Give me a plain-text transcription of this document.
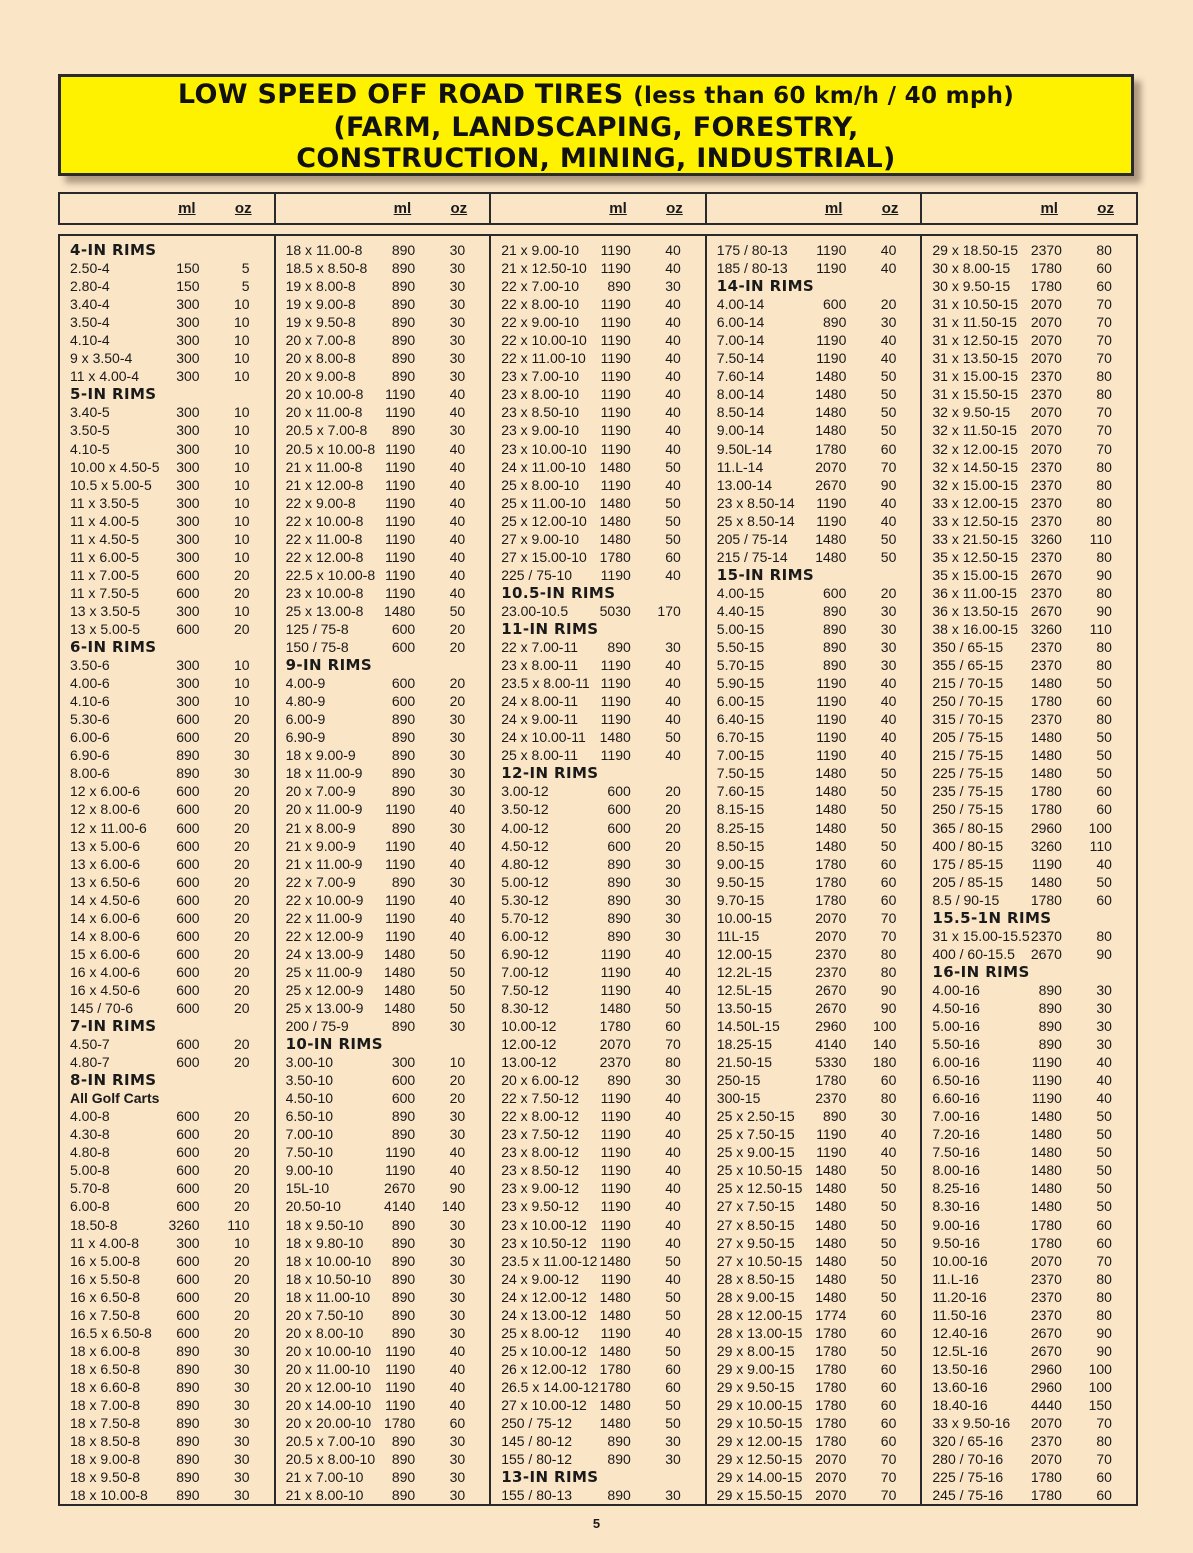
LOW SPEED OFF ROAD TIRES (less than 60 km/h / 40 mph)
(FARM, LANDSCAPING, FORESTRY,
CONSTRUCTION, MINING, INDUSTRIAL)
ml	oz	ml	oz	ml	oz	ml	oz	ml	oz
4-IN RIMS
2.50-4	150	5
2.80-4	150	5
3.40-4	300 10
3.50-4	300 10
4.10-4	300 10
9 x 3.50-4	300 10
11 x 4.00-4	300 10
5-IN RIMS
3.40-5	300 10
3.50-5	300 10
4.10-5	300 10
10.00 x 4.50-5 300 10
10.5 x 5.00-5 300 10
11 x 3.50-5	300 10
11 x 4.00-5	300 10
11 x 4.50-5	300 10
11 x 6.00-5	300 10
11 x 7.00-5	600 20
11 x 7.50-5	600 20
13 x 3.50-5	300 10
13 x 5.00-5	600 20
6-IN RIMS
3.50-6	300 10
4.00-6	300 10
4.10-6	300 10
5.30-6	600 20
6.00-6	600 20
6.90-6	890 30
8.00-6	890 30
12 x 6.00-6	600 20
12 x 8.00-6	600 20
12 x 11.00-6 600 20
13 x 5.00-6	600 20
13 x 6.00-6	600 20
13 x 6.50-6	600 20
14 x 4.50-6	600 20
14 x 6.00-6	600 20
14 x 8.00-6	600 20
15 x 6.00-6	600 20
16 x 4.00-6	600 20
16 x 4.50-6	600 20
145 / 70-6	600 20
7-IN RIMS
4.50-7	600 20
4.80-7	600 20
8-IN RIMS
All Golf Carts
4.00-8	600 20
4.30-8	600 20
4.80-8	600 20
5.00-8	600 20
5.70-8	600 20
6.00-8	600 20
18.50-8	3260 110
11 x 4.00-8	300 10
16 x 5.00-8	600 20
16 x 5.50-8	600 20
16 x 6.50-8	600 20
16 x 7.50-8	600 20
16.5 x 6.50-8 600 20
18 x 6.00-8	890 30
18 x 6.50-8	890 30
18 x 6.60-8	890 30
18 x 7.00-8	890 30
18 x 7.50-8	890 30
18 x 8.50-8	890 30
18 x 9.00-8	890 30
18 x 9.50-8	890 30
18 x 10.00-8 890 30
18 x 11.00-8 890 30
18.5 x 8.50-8 890 30
19 x 8.00-8	890 30
19 x 9.00-8	890 30
19 x 9.50-8	890 30
20 x 7.00-8	890 30
20 x 8.00-8	890 30
20 x 9.00-8	890 30
20 x 10.00-8 1190 40
20 x 11.00-8 1190 40
20.5 x 7.00-8 890 30
20.5 x 10.00-8 1190 40
21 x 11.00-8 1190 40
21 x 12.00-8 1190 40
22 x 9.00-8 1190 40
22 x 10.00-8 1190 40
22 x 11.00-8 1190 40
22 x 12.00-8 1190 40
22.5 x 10.00-8 1190 40
23 x 10.00-8 1190 40
25 x 13.00-8 1480 50
125 / 75-8	600 20
150 / 75-8	600 20
9-IN RIMS
4.00-9	600 20
4.80-9	600 20
6.00-9	890 30
6.90-9	890 30
18 x 9.00-9	890 30
18 x 11.00-9 890 30
20 x 7.00-9	890 30
20 x 11.00-9 1190 40
21 x 8.00-9	890 30
21 x 9.00-9 1190 40
21 x 11.00-9 1190 40
22 x 7.00-9	890 30
22 x 10.00-9 1190 40
22 x 11.00-9 1190 40
22 x 12.00-9 1190 40
24 x 13.00-9 1480 50
25 x 11.00-9 1480 50
25 x 12.00-9 1480 50
25 x 13.00-9 1480 50
200 / 75-9	890 30
10-IN RIMS
3.00-10	300 10
3.50-10	600 20
4.50-10	600 20
6.50-10	890 30
7.00-10	890 30
7.50-10	1190 40
9.00-10	1190 40
15L-10	2670 90
20.50-10	4140 140
18 x 9.50-10 890 30
18 x 9.80-10 890 30
18 x 10.00-10 890 30
18 x 10.50-10 890 30
18 x 11.00-10 890 30
20 x 7.50-10 890 30
20 x 8.00-10 890 30
20 x 10.00-10 1190 40
20 x 11.00-10 1190 40
20 x 12.00-10 1190 40
20 x 14.00-10 1190 40
20 x 20.00-10 1780 60
20.5 x 7.00-10 890 30
20.5 x 8.00-10 890 30
21 x 7.00-10 890 30
21 x 8.00-10 890 30
21 x 9.00-10 1190 40
21 x 12.50-10 1190 40
22 x 7.00-10 890 30
22 x 8.00-10 1190 40
22 x 9.00-10 1190 40
22 x 10.00-10 1190 40
22 x 11.00-10 1190 40
23 x 7.00-10 1190 40
23 x 8.00-10 1190 40
23 x 8.50-10 1190 40
23 x 9.00-10 1190 40
23 x 10.00-10 1190 40
24 x 11.00-10 1480 50
25 x 8.00-10 1190 40
25 x 11.00-10 1480 50
25 x 12.00-10 1480 50
27 x 9.00-10 1480 50
27 x 15.00-10 1780 60
225 / 75-10 1190 40
10.5-IN RIMS
23.00-10.5 5030 170
11-IN RIMS
22 x 7.00-11 890 30
23 x 8.00-11 1190 40
23.5 x 8.00-11 1190 40
24 x 8.00-11 1190 40
24 x 9.00-11 1190 40
24 x 10.00-11 1480 50
25 x 8.00-11 1190 40
12-IN RIMS
3.00-12	600 20
3.50-12	600 20
4.00-12	600 20
4.50-12	600 20
4.80-12	890 30
5.00-12	890 30
5.30-12	890 30
5.70-12	890 30
6.00-12	890 30
6.90-12	1190 40
7.00-12	1190 40
7.50-12	1190 40
8.30-12	1480 50
10.00-12	1780 60
12.00-12	2070 70
13.00-12	2370 80
20 x 6.00-12 890 30
22 x 7.50-12 1190 40
22 x 8.00-12 1190 40
23 x 7.50-12 1190 40
23 x 8.00-12 1190 40
23 x 8.50-12 1190 40
23 x 9.00-12 1190 40
23 x 9.50-12 1190 40
23 x 10.00-12 1190 40
23 x 10.50-12 1190 40
23.5 x 11.00-12 1480 50
24 x 9.00-12 1190 40
24 x 12.00-12 1480 50
24 x 13.00-12 1480 50
25 x 8.00-12 1190 40
25 x 10.00-12 1480 50
26 x 12.00-12 1780 60
26.5 x 14.00-12 1780 60
27 x 10.00-12 1480 50
250 / 75-12 1480 50
145 / 80-12	890 30
155 / 80-12	890 30
13-IN RIMS
155 / 80-13	890 30
175 / 80-13 1190 40
185 / 80-13 1190 40
14-IN RIMS
4.00-14	600 20
6.00-14	890 30
7.00-14	1190 40
7.50-14	1190 40
7.60-14	1480 50
8.00-14	1480 50
8.50-14	1480 50
9.00-14	1480 50
9.50L-14	1780 60
11.L-14	2070 70
13.00-14	2670 90
23 x 8.50-14 1190 40
25 x 8.50-14 1190 40
205 / 75-14 1480 50
215 / 75-14 1480 50
15-IN RIMS
4.00-15	600 20
4.40-15	890 30
5.00-15	890 30
5.50-15	890 30
5.70-15	890 30
5.90-15	1190 40
6.00-15	1190 40
6.40-15	1190 40
6.70-15	1190 40
7.00-15	1190 40
7.50-15	1480 50
7.60-15	1480 50
8.15-15	1480 50
8.25-15	1480 50
8.50-15	1480 50
9.00-15	1780 60
9.50-15	1780 60
9.70-15	1780 60
10.00-15	2070 70
11L-15	2070 70
12.00-15	2370 80
12.2L-15	2370 80
12.5L-15	2670 90
13.50-15	2670 90
14.50L-15	2960 100
18.25-15	4140 140
21.50-15	5330 180
250-15	1780 60
300-15	2370 80
25 x 2.50-15 890 30
25 x 7.50-15 1190 40
25 x 9.00-15 1190 40
25 x 10.50-15 1480 50
25 x 12.50-15 1480 50
27 x 7.50-15 1480 50
27 x 8.50-15 1480 50
27 x 9.50-15 1480 50
27 x 10.50-15 1480 50
28 x 8.50-15 1480 50
28 x 9.00-15 1480 50
28 x 12.00-15 1774 60
28 x 13.00-15 1780 60
29 x 8.00-15 1780 50
29 x 9.00-15 1780 60
29 x 9.50-15 1780 60
29 x 10.00-15 1780 60
29 x 10.50-15 1780 60
29 x 12.00-15 1780 60
29 x 12.50-15 2070 70
29 x 14.00-15 2070 70
29 x 15.50-15 2070 70
29 x 18.50-15 2370 80
30 x 8.00-15 1780 60
30 x 9.50-15 1780 60
31 x 10.50-15 2070 70
31 x 11.50-15 2070 70
31 x 12.50-15 2070 70
31 x 13.50-15 2070 70
31 x 15.00-15 2370 80
31 x 15.50-15 2370 80
32 x 9.50-15 2070 70
32 x 11.50-15 2070 70
32 x 12.00-15 2070 70
32 x 14.50-15 2370 80
32 x 15.00-15 2370 80
33 x 12.00-15 2370 80
33 x 12.50-15 2370 80
33 x 21.50-15 3260 110
35 x 12.50-15 2370 80
35 x 15.00-15 2670 90
36 x 11.00-15 2370 80
36 x 13.50-15 2670 90
38 x 16.00-15 3260 110
350 / 65-15 2370 80
355 / 65-15 2370 80
215 / 70-15 1480 50
250 / 70-15 1780 60
315 / 70-15 2370 80
205 / 75-15 1480 50
215 / 75-15 1480 50
225 / 75-15 1480 50
235 / 75-15 1780 60
250 / 75-15 1780 60
365 / 80-15 2960 100
400 / 80-15 3260 110
175 / 85-15 1190 40
205 / 85-15 1480 50
8.5 / 90-15 1780 60
15.5-1N RIMS
31 x 15.00-15.5 2370 80
400 / 60-15.5 2670 90
16-IN RIMS
4.00-16	890 30
4.50-16	890 30
5.00-16	890 30
5.50-16	890 30
6.00-16	1190 40
6.50-16	1190 40
6.60-16	1190 40
7.00-16	1480 50
7.20-16	1480 50
7.50-16	1480 50
8.00-16	1480 50
8.25-16	1480 50
8.30-16	1480 50
9.00-16	1780 60
9.50-16	1780 60
10.00-16	2070 70
11.L-16	2370 80
11.20-16	2370 80
11.50-16	2370 80
12.40-16	2670 90
12.5L-16	2670 90
13.50-16	2960 100
13.60-16	2960 100
18.40-16	4440 150
33 x 9.50-16 2070 70
320 / 65-16 2370 80
280 / 70-16 2070 70
225 / 75-16 1780 60
245 / 75-16 1780 60
5
